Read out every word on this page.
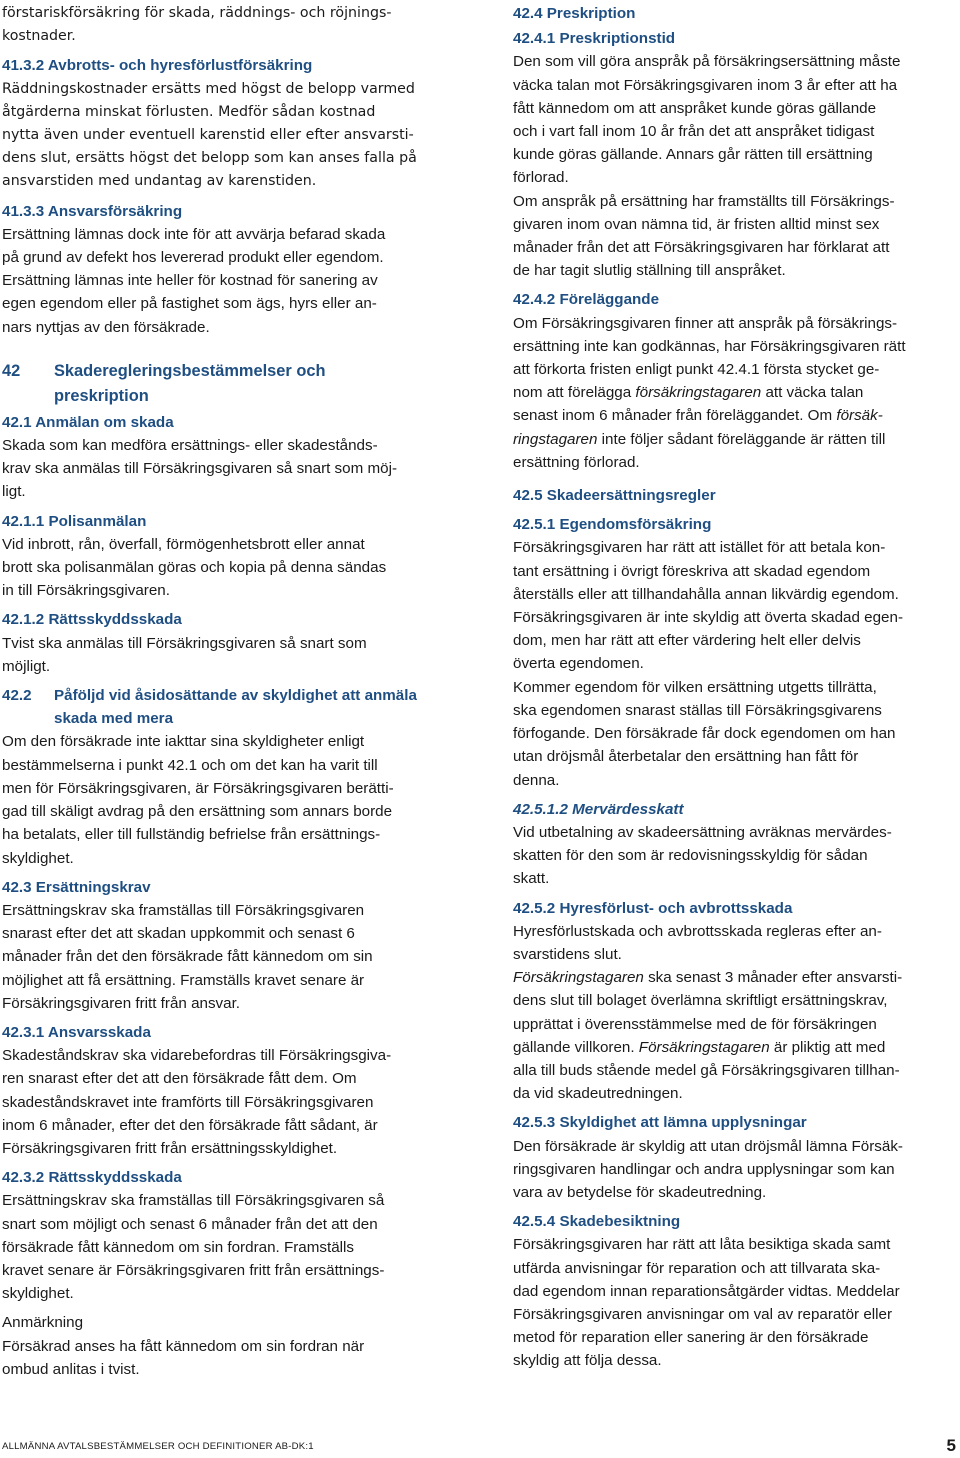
förstariskförsäkring för skada, räddnings- och röjnings-
kostnader.

41.3.2 Avbrotts- och hyresförlustförsäkring

Räddningskostnader ersätts med högst de belopp varmed
åtgärderna minskat förlusten. Medför sådan kostnad
nytta även under eventuell karenstid eller efter ansvarsti-
dens slut, ersätts högst det belopp som kan anses falla på
ansvarstiden med undantag av karenstiden.

41.3.3 Ansvarsförsäkring

Ersättning lämnas dock inte för att avvärja befarad skada
på grund av defekt hos levererad produkt eller egendom.

Ersättning lämnas inte heller för kostnad för sanering av
egen egendom eller på fastighet som ägs, hyrs eller an-
nars nyttjas av den försäkrade.

42	Skaderegleringsbestämmelser och
preskription

42.1 Anmälan om skada

Skada som kan medföra ersättnings- eller skadestånds-
krav ska anmälas till Försäkringsgivaren så snart som möj-
ligt.

42.1.1 Polisanmälan

Vid inbrott, rån, överfall, förmögenhetsbrott eller annat
brott ska polisanmälan göras och kopia på denna sändas
in till Försäkringsgivaren.

42.1.2 Rättsskyddsskada

Tvist ska anmälas till Försäkringsgivaren så snart som
möjligt.

42.2	Påföljd vid åsidosättande av skyldighet att anmäla
skada med mera

Om den försäkrade inte iakttar sina skyldigheter enligt
bestämmelserna i punkt 42.1 och om det kan ha varit till
men för Försäkringsgivaren, är Försäkringsgivaren berätti-
gad till skäligt avdrag på den ersättning som annars borde
ha betalats, eller till fullständig befrielse från ersättnings-
skyldighet.

42.3 Ersättningskrav

Ersättningskrav ska framställas till Försäkringsgivaren
snarast efter det att skadan uppkommit och senast 6
månader från det den försäkrade fått kännedom om sin
möjlighet att få ersättning. Framställs kravet senare är
Försäkringsgivaren fritt från ansvar.

42.3.1 Ansvarsskada

Skadeståndskrav ska vidarebefordras till Försäkringsgiva-
ren snarast efter det att den försäkrade fått dem. Om
skadeståndskravet inte framförts till Försäkringsgivaren
inom 6 månader, efter det den försäkrade fått sådant, är
Försäkringsgivaren fritt från ersättningsskyldighet.

42.3.2 Rättsskyddsskada

Ersättningskrav ska framställas till Försäkringsgivaren så
snart som möjligt och senast 6 månader från det att den
försäkrade fått kännedom om sin fordran. Framställs
kravet senare är Försäkringsgivaren fritt från ersättnings-
skyldighet.

Anmärkning

Försäkrad anses ha fått kännedom om sin fordran när
ombud anlitas i tvist.

42.4 Preskription

42.4.1 Preskriptionstid

Den som vill göra anspråk på försäkringsersättning måste
väcka talan mot Försäkringsgivaren inom 3 år efter att ha
fått kännedom om att anspråket kunde göras gällande
och i vart fall inom 10 år från det att anspråket tidigast
kunde göras gällande. Annars går rätten till ersättning
förlorad.

Om anspråk på ersättning har framställts till Försäkrings-
givaren inom ovan nämna tid, är fristen alltid minst sex
månader från det att Försäkringsgivaren har förklarat att
de har tagit slutlig ställning till anspråket.

42.4.2 Föreläggande

Om Försäkringsgivaren finner att anspråk på försäkrings-
ersättning inte kan godkännas, har Försäkringsgivaren rätt
att förkorta fristen enligt punkt 42.4.1 första stycket ge-
nom att förelägga försäkringstagaren att väcka talan
senast inom 6 månader från föreläggandet. Om försäk-
ringstagaren inte följer sådant föreläggande är rätten till
ersättning förlorad.

42.5 Skadeersättningsregler

42.5.1 Egendomsförsäkring

Försäkringsgivaren har rätt att istället för att betala kon-
tant ersättning i övrigt föreskriva att skadad egendom
återställs eller att tillhandahålla annan likvärdig egendom.
Försäkringsgivaren är inte skyldig att överta skadad egen-
dom, men har rätt att efter värdering helt eller delvis
överta egendomen.

Kommer egendom för vilken ersättning utgetts tillrätta,
ska egendomen snarast ställas till Försäkringsgivarens
förfogande. Den försäkrade får dock egendomen om han
utan dröjsmål återbetalar den ersättning han fått för
denna.

42.5.1.2 Mervärdesskatt

Vid utbetalning av skadeersättning avräknas mervärdes-
skatten för den som är redovisningsskyldig för sådan
skatt.

42.5.2 Hyresförlust- och avbrottsskada

Hyresförlustskada och avbrottsskada regleras efter an-
svarstidens slut.

Försäkringstagaren ska senast 3 månader efter ansvarsti-
dens slut till bolaget överlämna skriftligt ersättningskrav,
upprättat i överensstämmelse med de för försäkringen
gällande villkoren. Försäkringstagaren är pliktig att med
alla till buds stående medel gå Försäkringsgivaren tillhan-
da vid skadeutredningen.

42.5.3 Skyldighet att lämna upplysningar

Den försäkrade är skyldig att utan dröjsmål lämna Försäk-
ringsgivaren handlingar och andra upplysningar som kan
vara av betydelse för skadeutredning.

42.5.4 Skadebesiktning

Försäkringsgivaren har rätt att låta besiktiga skada samt
utfärda anvisningar för reparation och att tillvarata ska-
dad egendom innan reparationsåtgärder vidtas. Meddelar
Försäkringsgivaren anvisningar om val av reparatör eller
metod för reparation eller sanering är den försäkrade
skyldig att följa dessa.

ALLMÄNNA AVTALSBESTÄMMELSER OCH DEFINITIONER AB-DK:1	5
